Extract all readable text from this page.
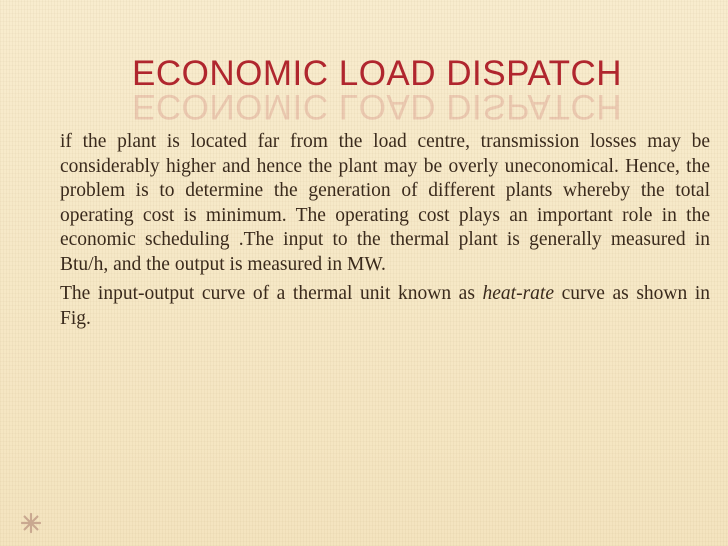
ECONOMIC LOAD DISPATCH
ECONOMIC LOAD DISPATCH

if the plant is located far from the load centre, transmission losses may be considerably higher and hence the plant may be overly uneconomical. Hence, the problem is to determine the generation of different plants whereby the total operating cost is minimum. The operating cost plays an important role in the economic scheduling .The input to the thermal plant is generally measured in Btu/h, and the output is measured in MW.

The input-output curve of a thermal unit known as heat-rate curve as shown in Fig.
